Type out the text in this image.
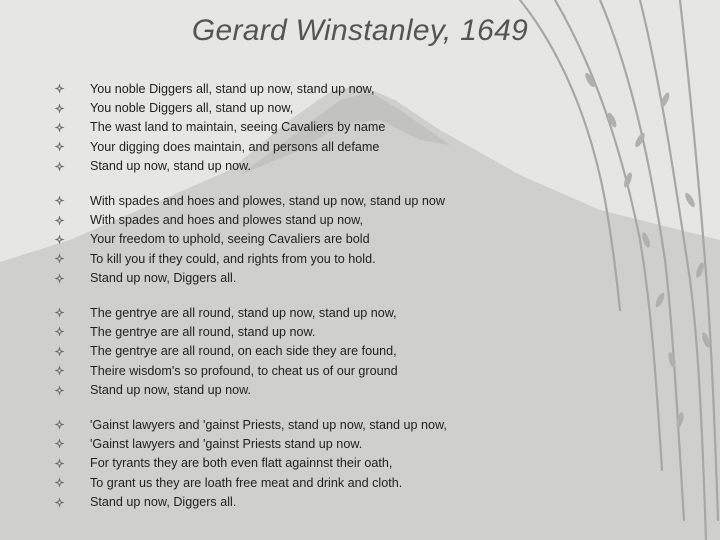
Gerard Winstanley, 1649
You noble Diggers all, stand up now, stand up now,
You noble Diggers all, stand up now,
The wast land to maintain, seeing Cavaliers by name
Your digging does maintain, and persons all defame
Stand up now, stand up now.
With spades and hoes and plowes, stand up now, stand up now
With spades and hoes and plowes stand up now,
Your freedom to uphold, seeing Cavaliers are bold
To kill you if they could, and rights from you to hold.
Stand up now, Diggers all.
The gentrye are all round, stand up now, stand up now,
The gentrye are all round, stand up now.
The gentrye are all round, on each side they are found,
Theire wisdom's so profound, to cheat us of our ground
Stand up now, stand up now.
'Gainst lawyers and 'gainst Priests, stand up now, stand up now,
'Gainst lawyers and 'gainst Priests stand up now.
For tyrants they are both even flatt againnst their oath,
To grant us they are loath free meat and drink and cloth.
Stand up now, Diggers all.
